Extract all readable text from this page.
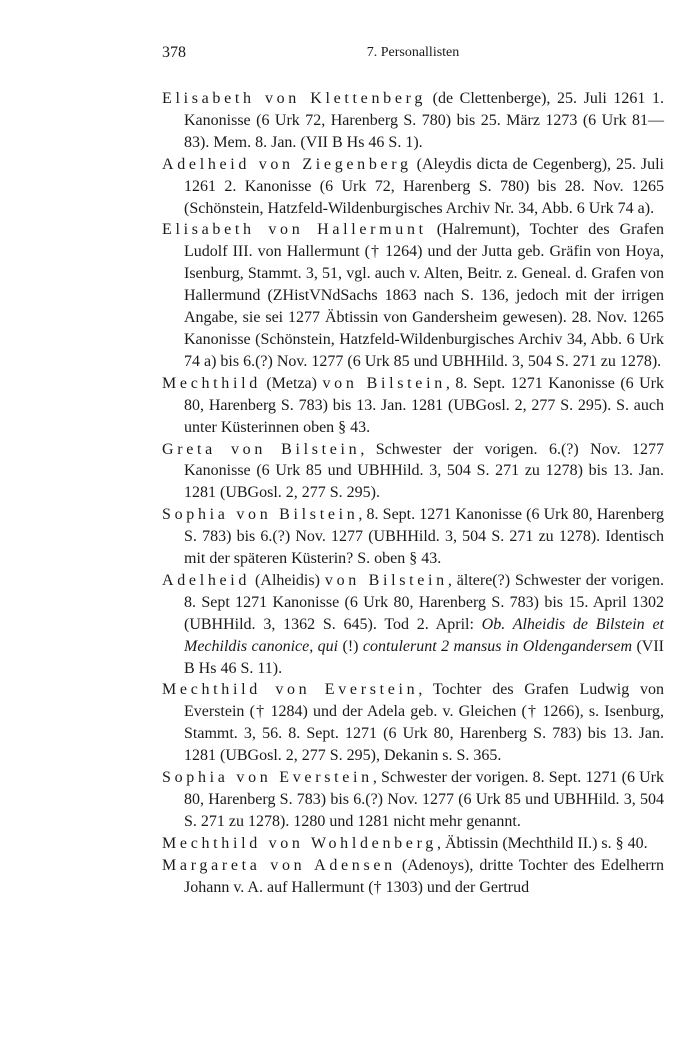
378	7. Personallisten

Elisabeth von Klettenberg (de Clettenberge), 25. Juli 1261 1. Kanonisse (6 Urk 72, Harenberg S. 780) bis 25. März 1273 (6 Urk 81—83). Mem. 8. Jan. (VII B Hs 46 S. 1).

Adelheid von Ziegenberg (Aleydis dicta de Cegenberg), 25. Juli 1261 2. Kanonisse (6 Urk 72, Harenberg S. 780) bis 28. Nov. 1265 (Schönstein, Hatzfeld-Wildenburgisches Archiv Nr. 34, Abb. 6 Urk 74 a).

Elisabeth von Hallermunt (Halremunt), Tochter des Grafen Ludolf III. von Hallermunt († 1264) und der Jutta geb. Gräfin von Hoya, Isenburg, Stammt. 3, 51, vgl. auch v. Alten, Beitr. z. Geneal. d. Grafen von Hallermund (ZHistVNdSachs 1863 nach S. 136, jedoch mit der irrigen Angabe, sie sei 1277 Äbtissin von Gandersheim gewesen). 28. Nov. 1265 Kanonisse (Schönstein, Hatzfeld-Wildenburgisches Archiv 34, Abb. 6 Urk 74 a) bis 6.(?) Nov. 1277 (6 Urk 85 und UBHHild. 3, 504 S. 271 zu 1278).

Mechthild (Metza) von Bilstein, 8. Sept. 1271 Kanonisse (6 Urk 80, Harenberg S. 783) bis 13. Jan. 1281 (UBGosl. 2, 277 S. 295). S. auch unter Küsterinnen oben § 43.

Greta von Bilstein, Schwester der vorigen. 6.(?) Nov. 1277 Kanonisse (6 Urk 85 und UBHHild. 3, 504 S. 271 zu 1278) bis 13. Jan. 1281 (UBGosl. 2, 277 S. 295).

Sophia von Bilstein, 8. Sept. 1271 Kanonisse (6 Urk 80, Harenberg S. 783) bis 6.(?) Nov. 1277 (UBHHild. 3, 504 S. 271 zu 1278). Identisch mit der späteren Küsterin? S. oben § 43.

Adelheid (Alheidis) von Bilstein, ältere(?) Schwester der vorigen. 8. Sept 1271 Kanonisse (6 Urk 80, Harenberg S. 783) bis 15. April 1302 (UBHHild. 3, 1362 S. 645). Tod 2. April: Ob. Alheidis de Bilstein et Mechildis canonice, qui (!) contulerunt 2 mansus in Oldengandersem (VII B Hs 46 S. 11).

Mechthild von Everstein, Tochter des Grafen Ludwig von Everstein († 1284) und der Adela geb. v. Gleichen († 1266), s. Isenburg, Stammt. 3, 56. 8. Sept. 1271 (6 Urk 80, Harenberg S. 783) bis 13. Jan. 1281 (UBGosl. 2, 277 S. 295), Dekanin s. S. 365.

Sophia von Everstein, Schwester der vorigen. 8. Sept. 1271 (6 Urk 80, Harenberg S. 783) bis 6.(?) Nov. 1277 (6 Urk 85 und UBHHild. 3, 504 S. 271 zu 1278). 1280 und 1281 nicht mehr genannt.

Mechthild von Wohldenberg, Äbtissin (Mechthild II.) s. § 40.

Margareta von Adensen (Adenoys), dritte Tochter des Edelherrn Johann v. A. auf Hallermunt († 1303) und der Gertrud
